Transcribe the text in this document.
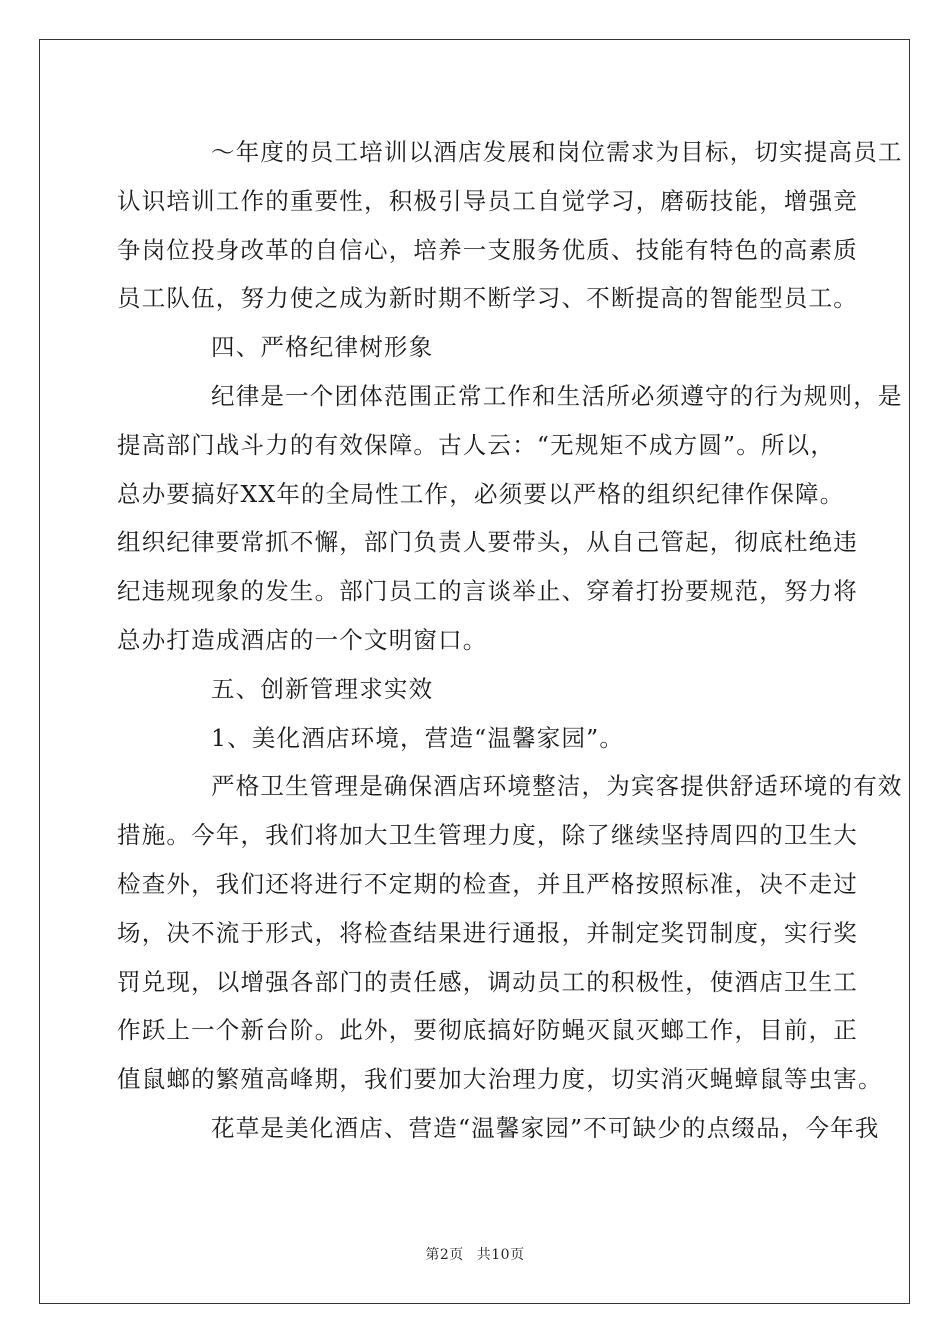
～年度的员工培训以酒店发展和岗位需求为目标，切实提高员工
认识培训工作的重要性，积极引导员工自觉学习，磨砺技能，增强竞
争岗位投身改革的自信心，培养一支服务优质、技能有特色的高素质
员工队伍，努力使之成为新时期不断学习、不断提高的智能型员工。

四、严格纪律树形象

纪律是一个团体范围正常工作和生活所必须遵守的行为规则，是
提高部门战斗力的有效保障。古人云：“无规矩不成方圆”。所以，
总办要搞好XX年的全局性工作，必须要以严格的组织纪律作保障。
组织纪律要常抓不懈，部门负责人要带头，从自己管起，彻底杜绝违
纪违规现象的发生。部门员工的言谈举止、穿着打扮要规范，努力将
总办打造成酒店的一个文明窗口。

五、创新管理求实效

1、美化酒店环境，营造“温馨家园”。

严格卫生管理是确保酒店环境整洁，为宾客提供舒适环境的有效
措施。今年，我们将加大卫生管理力度，除了继续坚持周四的卫生大
检查外，我们还将进行不定期的检查，并且严格按照标准，决不走过
场，决不流于形式，将检查结果进行通报，并制定奖罚制度，实行奖
罚兑现，以增强各部门的责任感，调动员工的积极性，使酒店卫生工
作跃上一个新台阶。此外，要彻底搞好防蝇灭鼠灭螂工作，目前，正
值鼠螂的繁殖高峰期，我们要加大治理力度，切实消灭蝇蟑鼠等虫害。

花草是美化酒店、营造“温馨家园”不可缺少的点缀品，今年我

第2页 共10页
